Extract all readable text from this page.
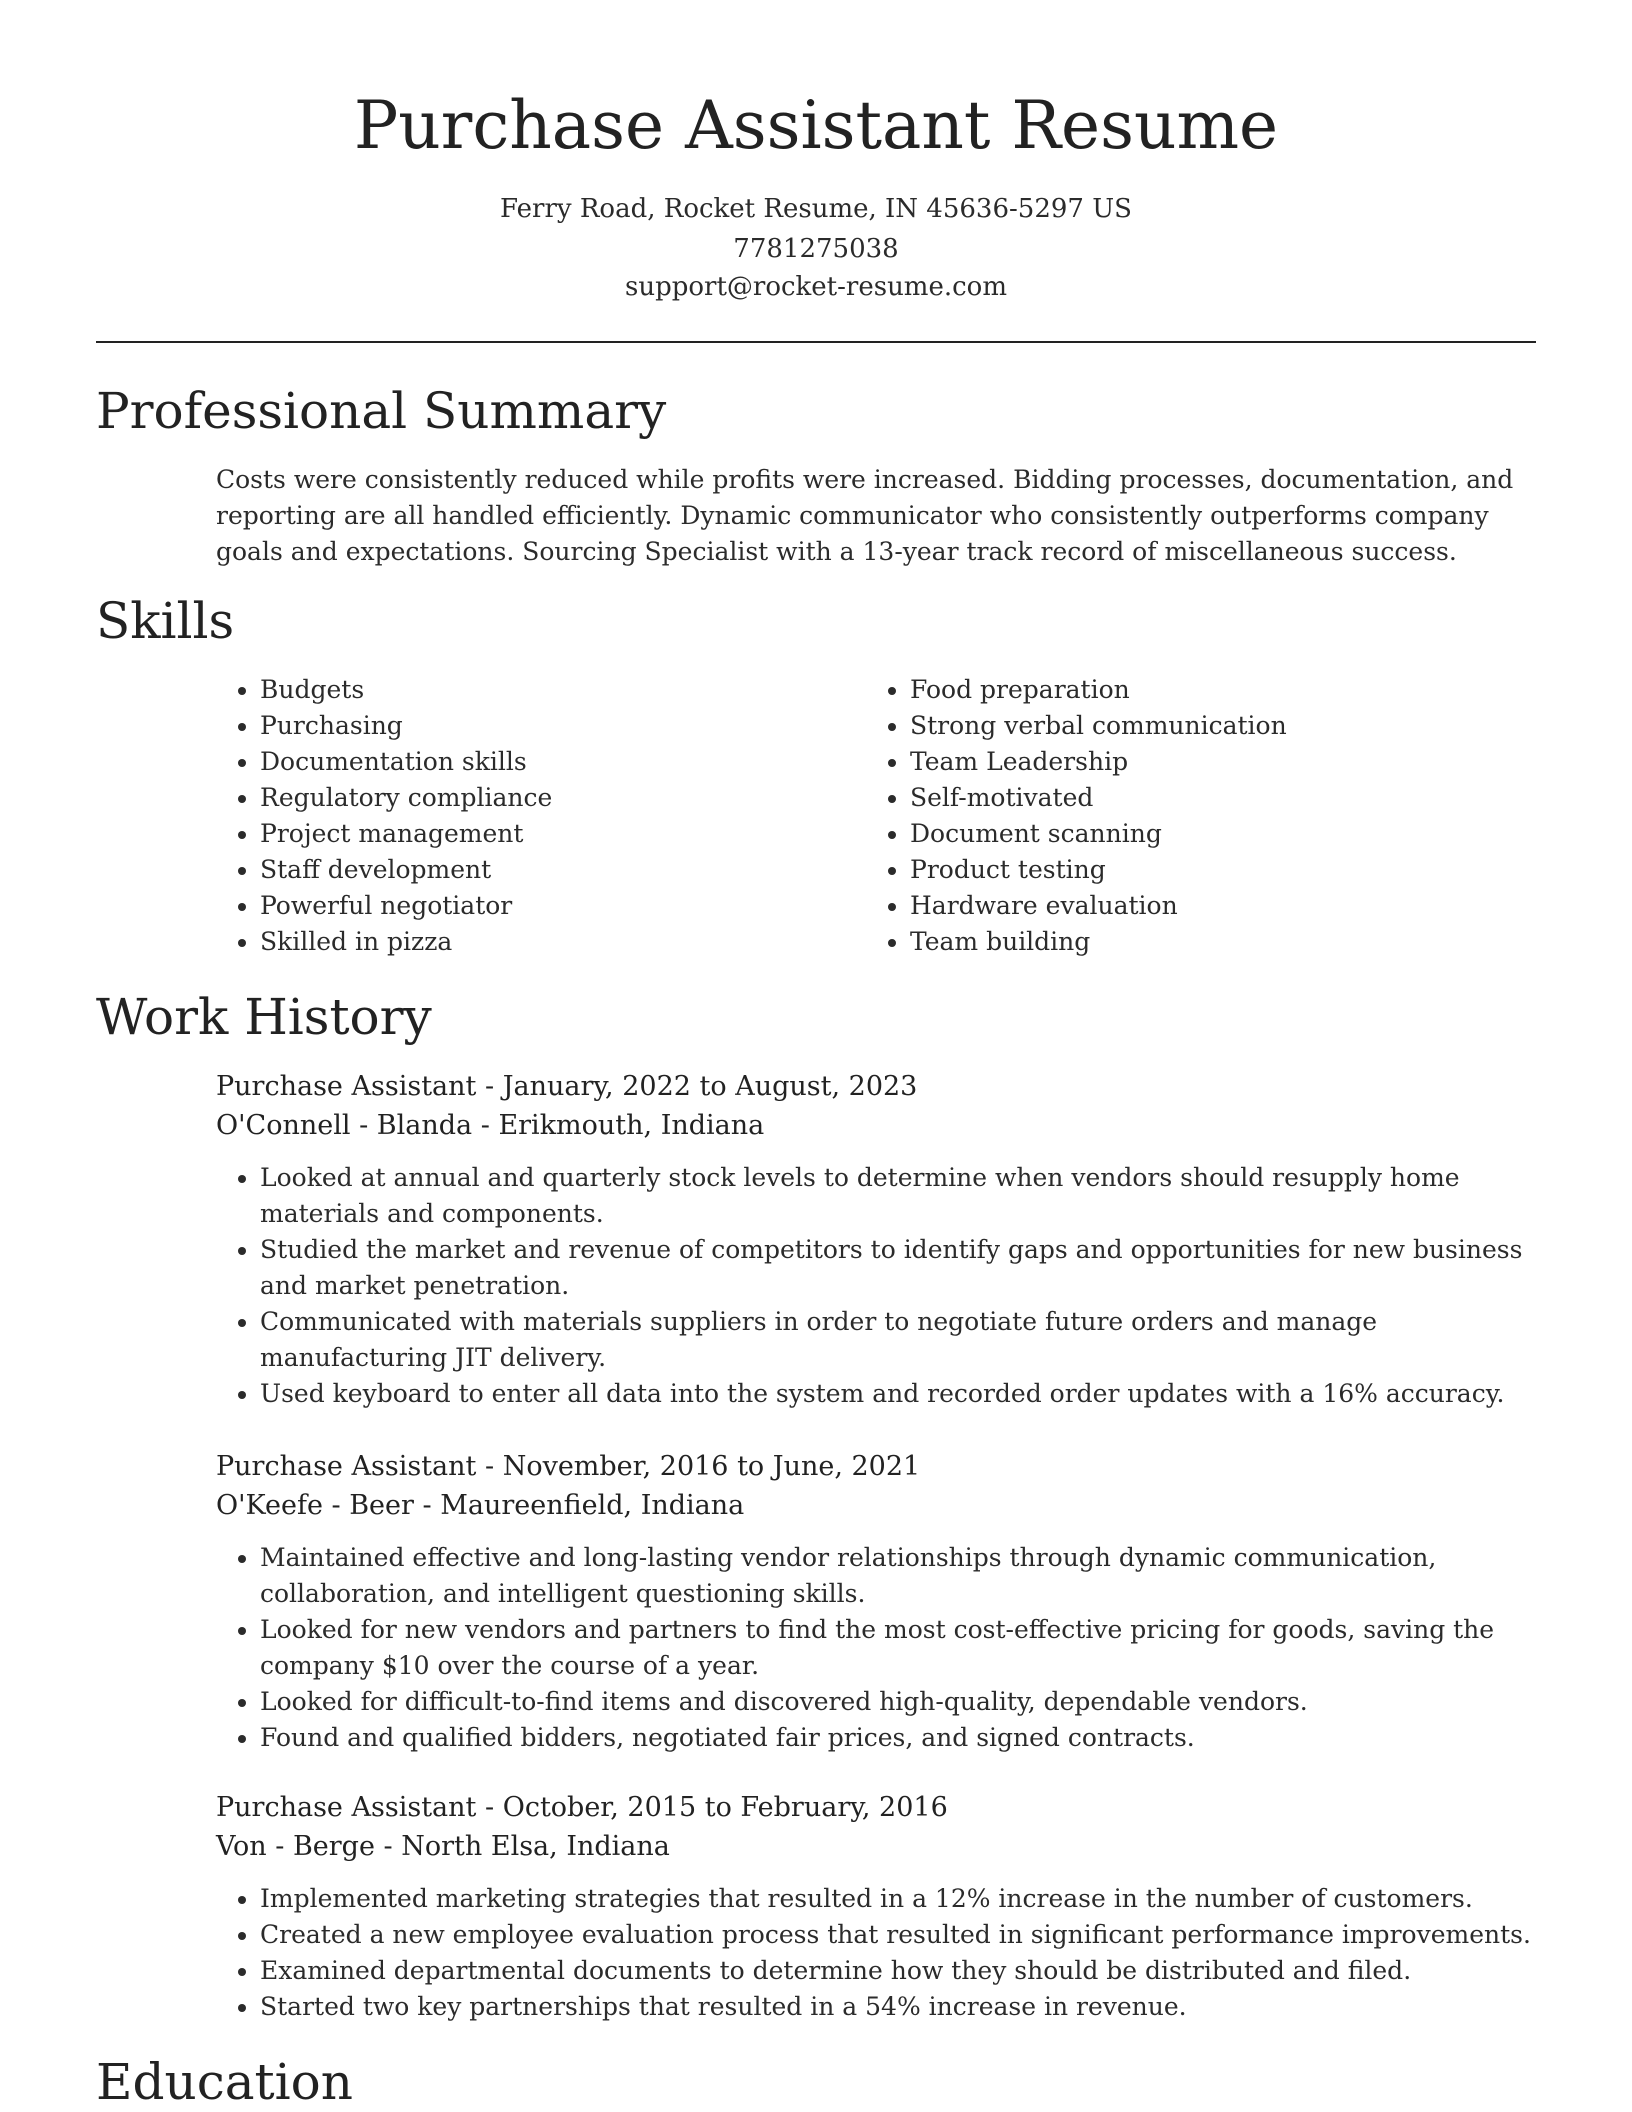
Purchase Assistant Resume
Ferry Road, Rocket Resume, IN 45636-5297 US
7781275038
support@rocket-resume.com
Professional Summary

Costs were consistently reduced while profits were increased. Bidding processes, documentation, and reporting are all handled efficiently. Dynamic communicator who consistently outperforms company goals and expectations. Sourcing Specialist with a 13-year track record of miscellaneous success.

Skills
• Budgets
• Purchasing
• Documentation skills
• Regulatory compliance
• Project management
• Staff development
• Powerful negotiator
• Skilled in pizza
• Food preparation
• Strong verbal communication
• Team Leadership
• Self-motivated
• Document scanning
• Product testing
• Hardware evaluation
• Team building
Work History

Purchase Assistant - January, 2022 to August, 2023

O'Connell - Blanda - Erikmouth, Indiana

• Looked at annual and quarterly stock levels to determine when vendors should resupply home materials and components.
• Studied the market and revenue of competitors to identify gaps and opportunities for new business and market penetration.
• Communicated with materials suppliers in order to negotiate future orders and manage manufacturing JIT delivery.
• Used keyboard to enter all data into the system and recorded order updates with a 16% accuracy.

Purchase Assistant - November, 2016 to June, 2021

O'Keefe - Beer - Maureenfield, Indiana

• Maintained effective and long-lasting vendor relationships through dynamic communication, collaboration, and intelligent questioning skills.
• Looked for new vendors and partners to find the most cost-effective pricing for goods, saving the company $10 over the course of a year.
• Looked for difficult-to-find items and discovered high-quality, dependable vendors.
• Found and qualified bidders, negotiated fair prices, and signed contracts.

Purchase Assistant - October, 2015 to February, 2016

Von - Berge - North Elsa, Indiana

• Implemented marketing strategies that resulted in a 12% increase in the number of customers.
• Created a new employee evaluation process that resulted in significant performance improvements.
• Examined departmental documents to determine how they should be distributed and filed.
• Started two key partnerships that resulted in a 54% increase in revenue.
Education
